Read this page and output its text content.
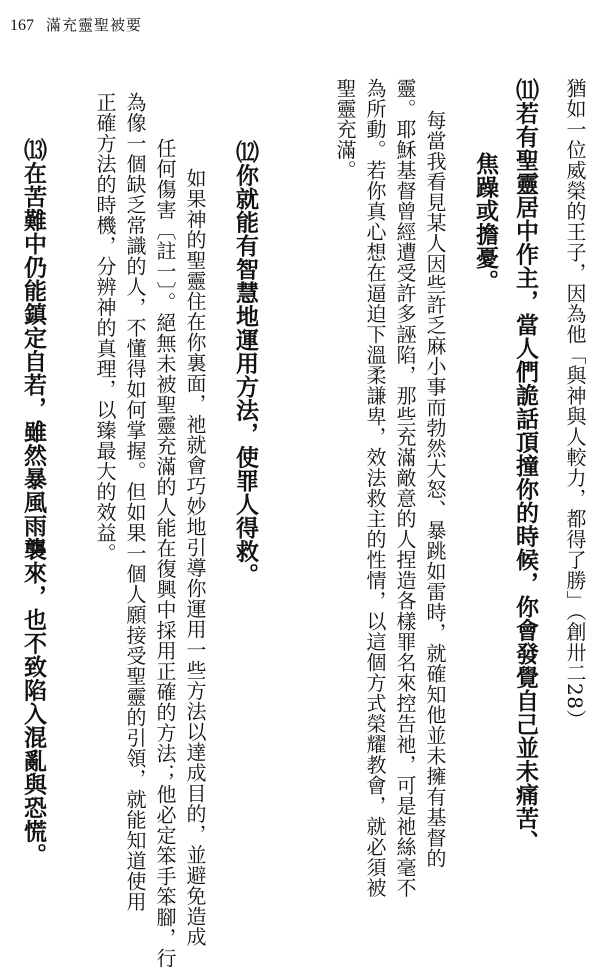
167 滿充靈聖被要
猶如一位威榮的王子，因為他「與神與人較力，都得了勝」（創卅二28）
⑾若有聖靈居中作主，當人們詭話頂撞你的時候，你會發覺自己並未痛苦、
焦躁或擔憂。
每當我看見某人因些許乏麻小事而勃然大怒、暴跳如雷時，就確知他並未擁有基督的
靈。耶穌基督曾經遭受許多誣陷，那些充滿敵意的人捏造各樣罪名來控告祂，可是祂絲毫不
為所動。若你真心想在逼迫下溫柔謙卑，效法救主的性情，以這個方式榮耀教會，就必須被
聖靈充滿。
⑿你就能有智慧地運用方法，使罪人得救。
如果神的聖靈住在你裏面，祂就會巧妙地引導你運用一些方法以達成目的，並避免造成
任何傷害〔註一〕。絕無未被聖靈充滿的人能在復興中採用正確的方法；他必定笨手笨腳，行
為像一個缺乏常識的人，不懂得如何掌握。但如果一個人願接受聖靈的引領，就能知道使用
正確方法的時機，分辨神的真理，以臻最大的效益。
⒀在苦難中仍能鎮定自若，雖然暴風雨襲來，也不致陷入混亂與恐慌。
